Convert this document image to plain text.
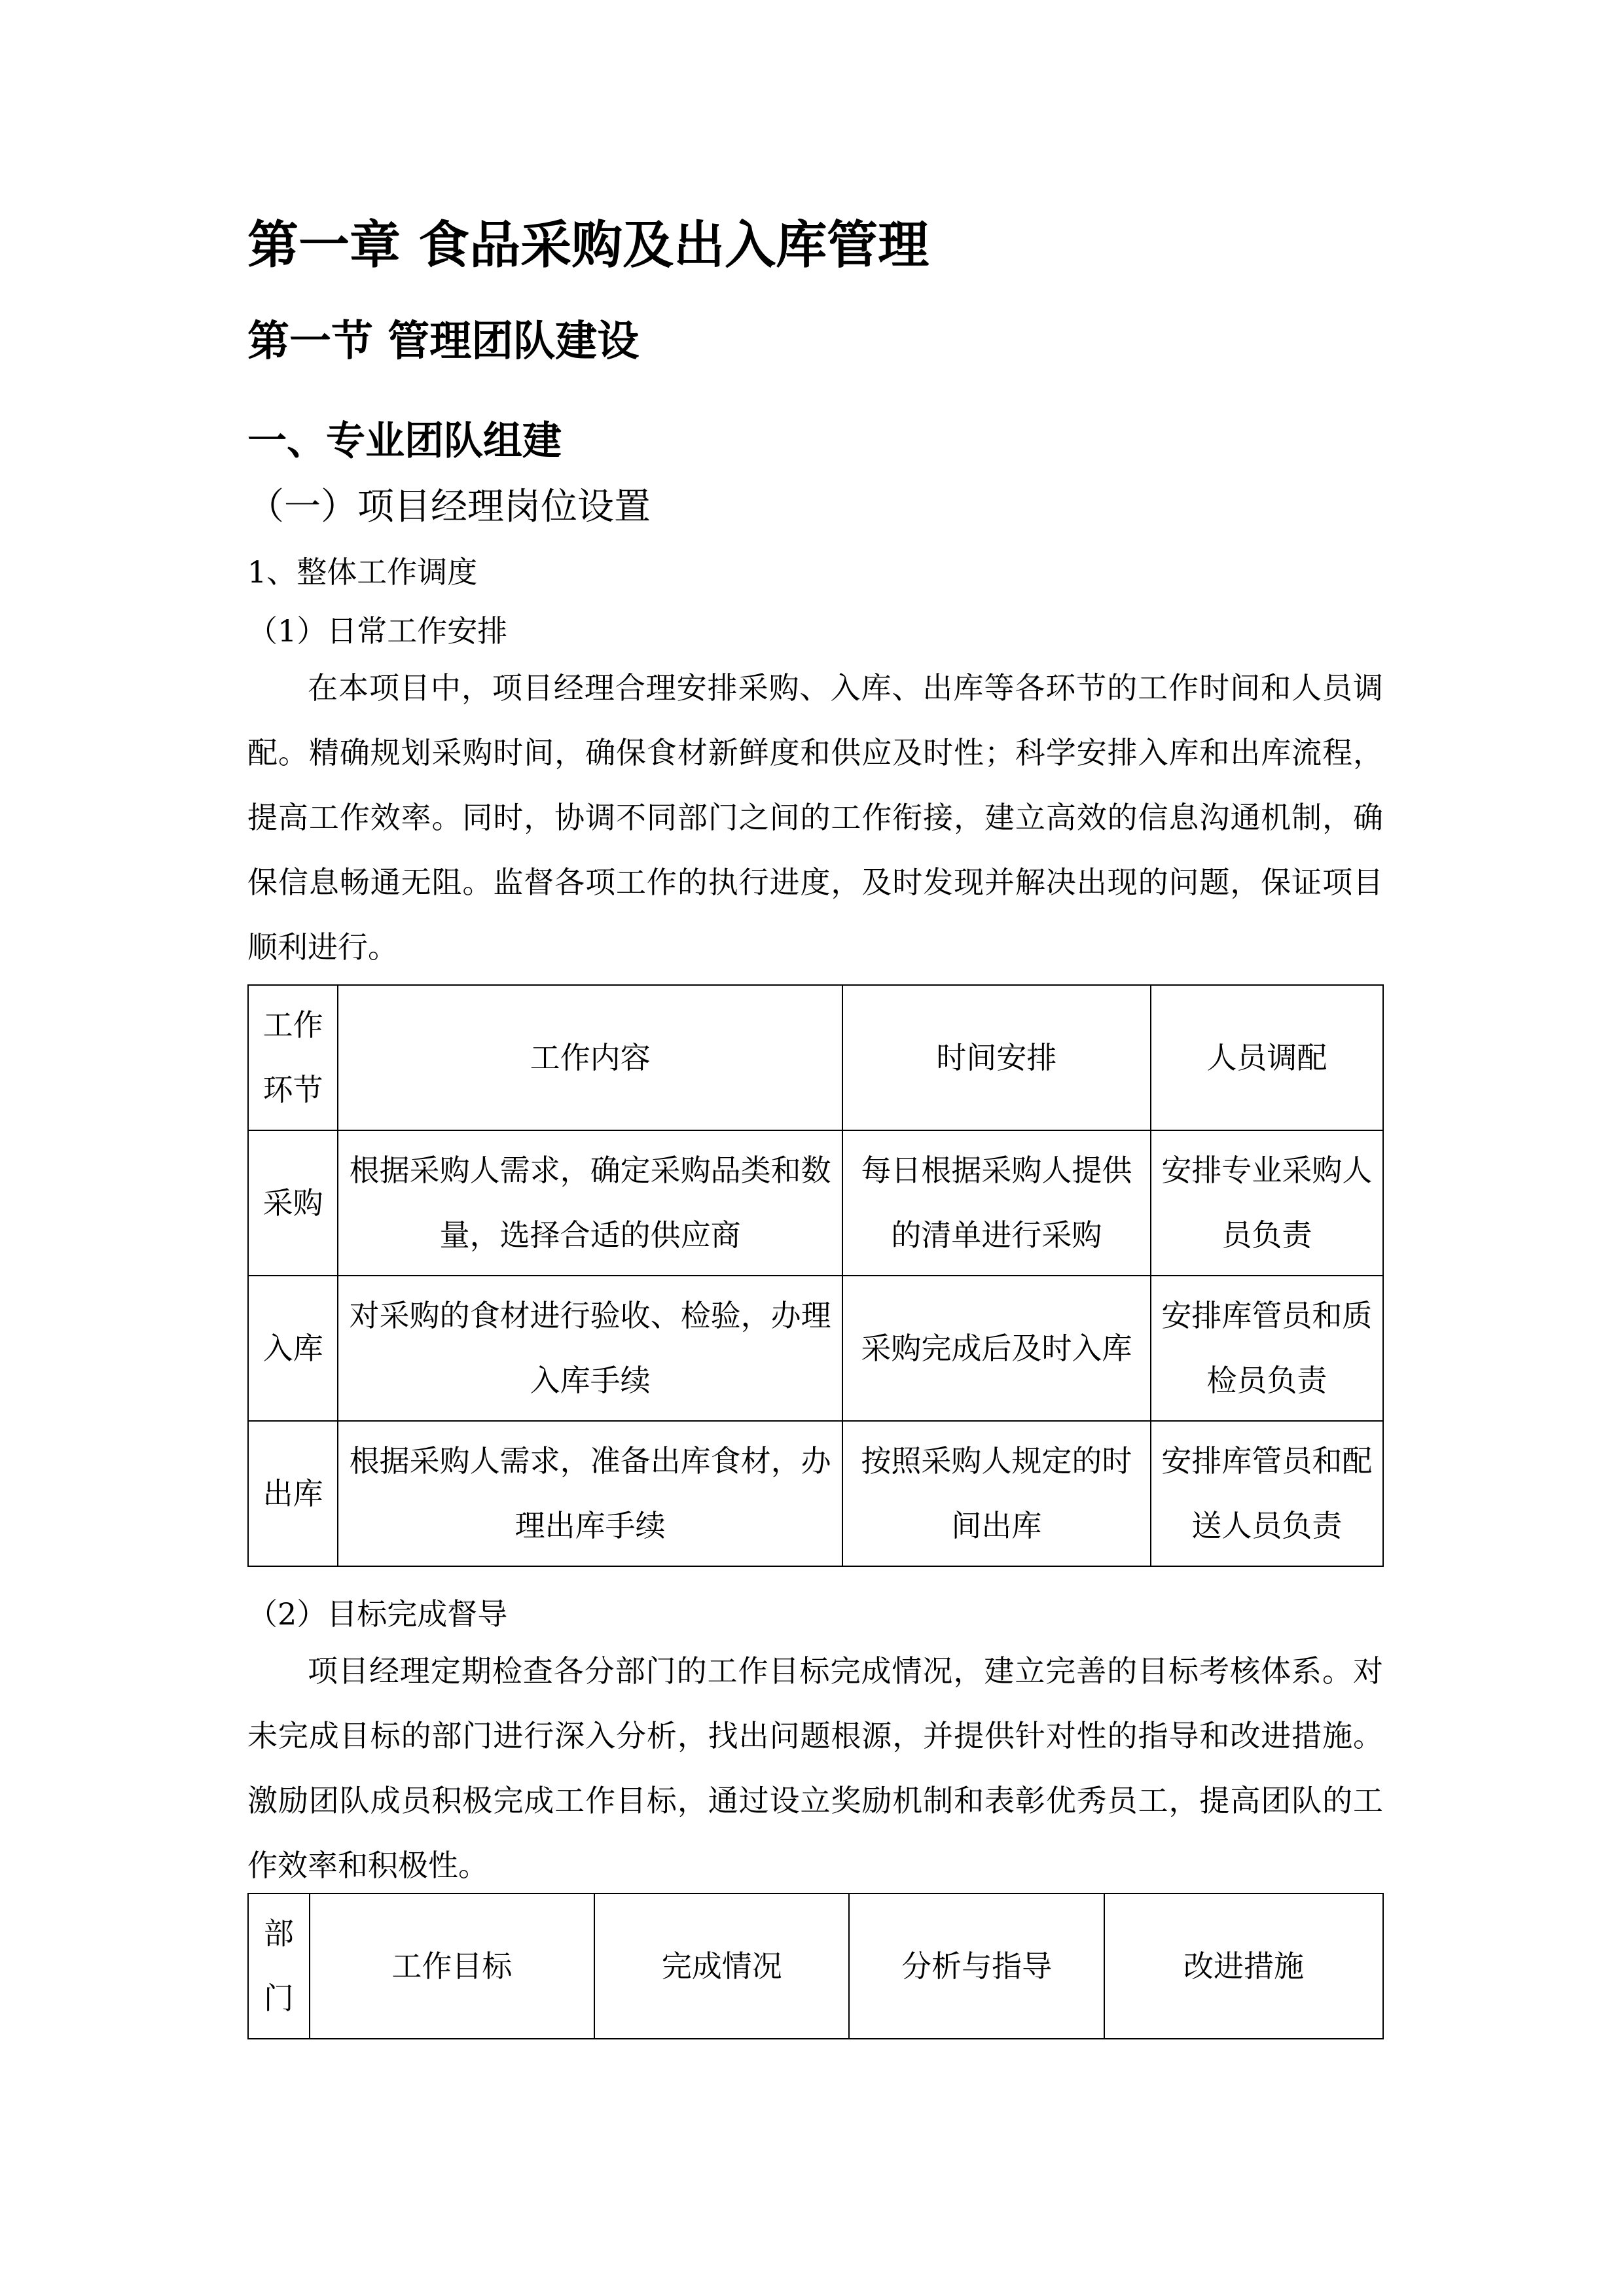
第一章 食品采购及出入库管理
第一节 管理团队建设
一、专业团队组建
（一）项目经理岗位设置
1、整体工作调度
（1）日常工作安排
在本项目中，项目经理合理安排采购、入库、出库等各环节的工作时间和人员调配。精确规划采购时间，确保食材新鲜度和供应及时性；科学安排入库和出库流程，提高工作效率。同时，协调不同部门之间的工作衔接，建立高效的信息沟通机制，确保信息畅通无阻。监督各项工作的执行进度，及时发现并解决出现的问题，保证项目顺利进行。
工作环节	工作内容	时间安排	人员调配
采购	根据采购人需求，确定采购品类和数量，选择合适的供应商	每日根据采购人提供的清单进行采购	安排专业采购人员负责
入库	对采购的食材进行验收、检验，办理入库手续	采购完成后及时入库	安排库管员和质检员负责
出库	根据采购人需求，准备出库食材，办理出库手续	按照采购人规定的时间出库	安排库管员和配送人员负责
（2）目标完成督导
项目经理定期检查各分部门的工作目标完成情况，建立完善的目标考核体系。对未完成目标的部门进行深入分析，找出问题根源，并提供针对性的指导和改进措施。激励团队成员积极完成工作目标，通过设立奖励机制和表彰优秀员工，提高团队的工作效率和积极性。
部门	工作目标	完成情况	分析与指导	改进措施
